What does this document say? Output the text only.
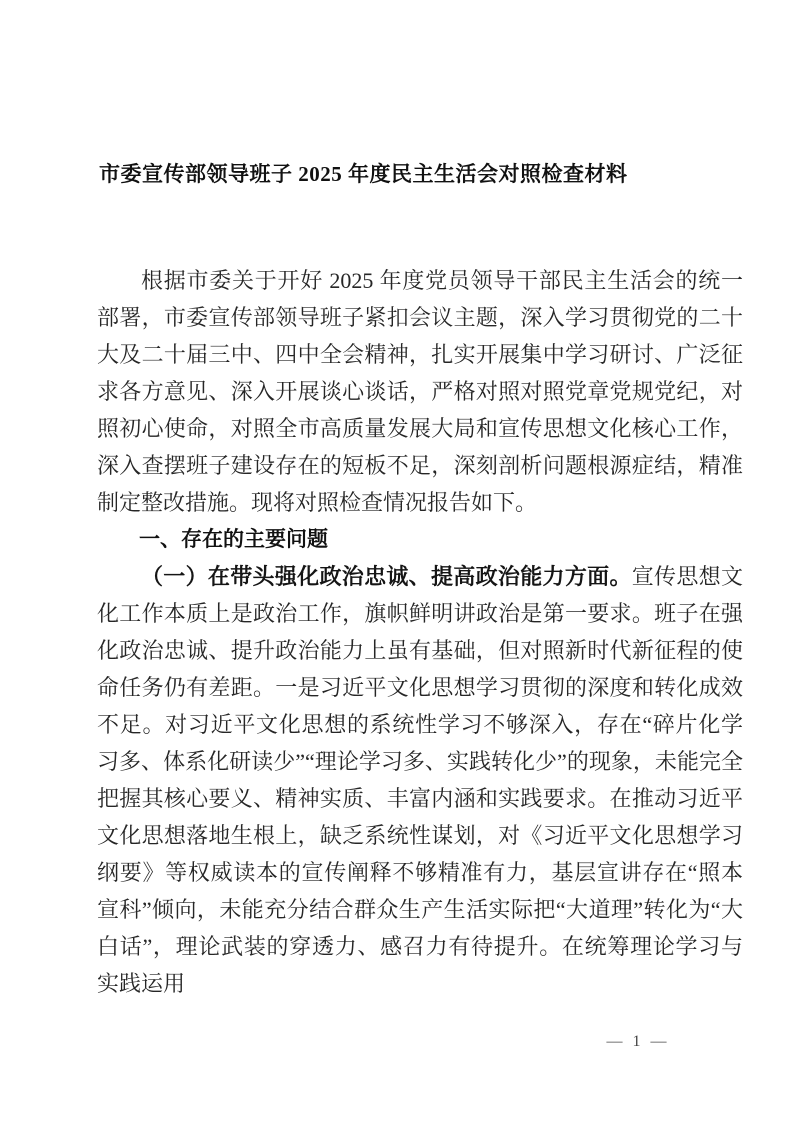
市委宣传部领导班子 2025 年度民主生活会对照检查材料

根据市委关于开好 2025 年度党员领导干部民主生活会的统一部署，市委宣传部领导班子紧扣会议主题，深入学习贯彻党的二十大及二十届三中、四中全会精神，扎实开展集中学习研讨、广泛征求各方意见、深入开展谈心谈话，严格对照对照党章党规党纪，对照初心使命，对照全市高质量发展大局和宣传思想文化核心工作，深入查摆班子建设存在的短板不足，深刻剖析问题根源症结，精准制定整改措施。现将对照检查情况报告如下。

一、存在的主要问题

（一）在带头强化政治忠诚、提高政治能力方面。宣传思想文化工作本质上是政治工作，旗帜鲜明讲政治是第一要求。班子在强化政治忠诚、提升政治能力上虽有基础，但对照新时代新征程的使命任务仍有差距。一是习近平文化思想学习贯彻的深度和转化成效不足。对习近平文化思想的系统性学习不够深入，存在“碎片化学习多、体系化研读少”“理论学习多、实践转化少”的现象，未能完全把握其核心要义、精神实质、丰富内涵和实践要求。在推动习近平文化思想落地生根上，缺乏系统性谋划，对《习近平文化思想学习纲要》等权威读本的宣传阐释不够精准有力，基层宣讲存在“照本宣科”倾向，未能充分结合群众生产生活实际把“大道理”转化为“大白话”，理论武装的穿透力、感召力有待提升。在统筹理论学习与实践运用

— 1 —
